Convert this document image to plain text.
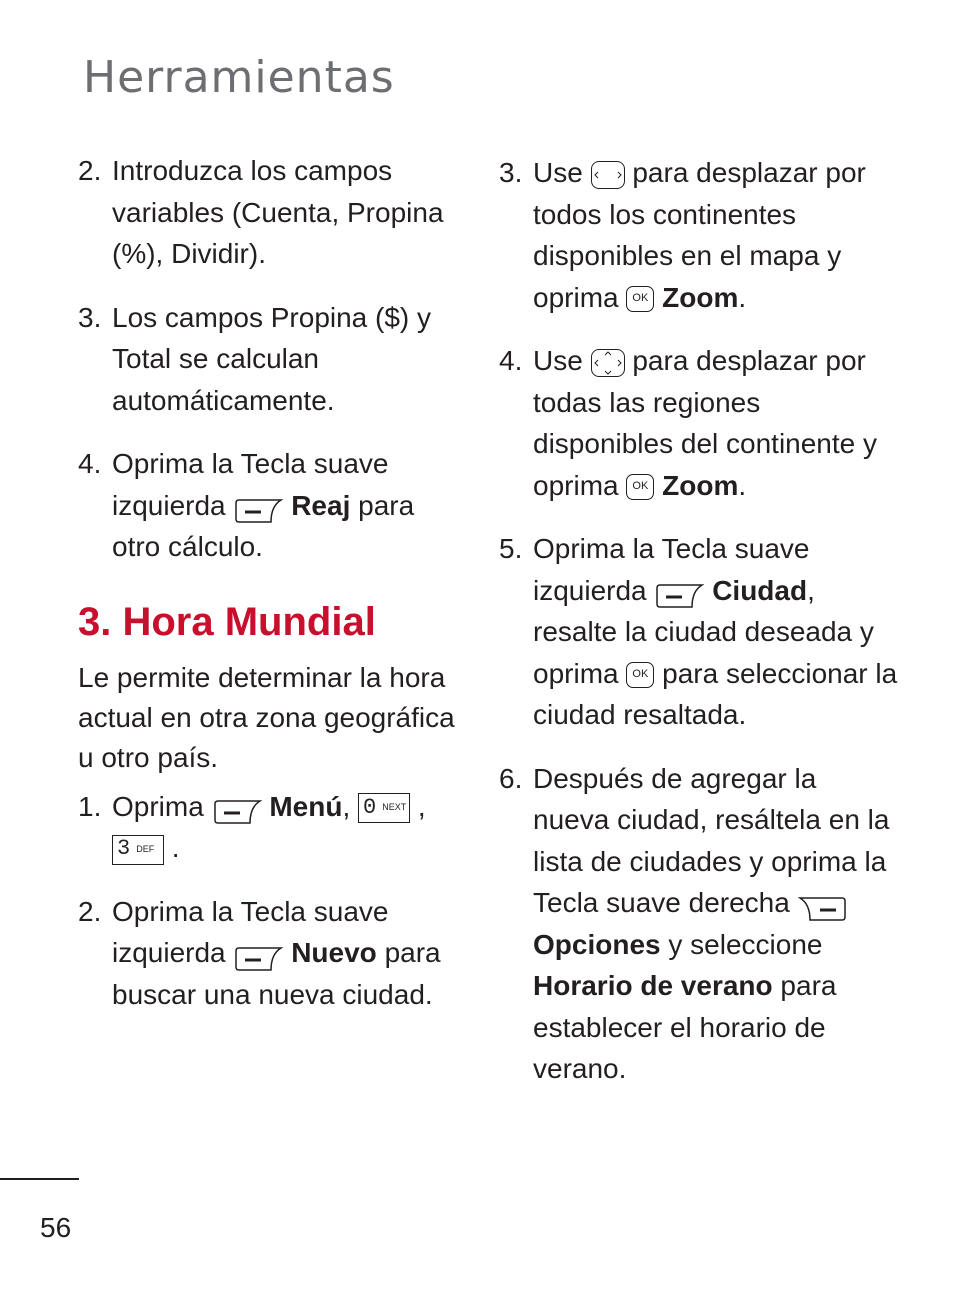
Herramientas
2. Introduzca los campos variables (Cuenta, Propina (%), Dividir).
3. Los campos Propina ($) y Total se calculan automáticamente.
4. Oprima la Tecla suave izquierda Reaj para otro cálculo.
3. Hora Mundial
Le permite determinar la hora actual en otra zona geográfica u otro país.
1. Oprima Menú, 0 NEXT ,
3 DEF .
2. Oprima la Tecla suave izquierda Nuevo para buscar una nueva ciudad.
3. Use para desplazar por todos los continentes disponibles en el mapa y oprima OK Zoom.
4. Use para desplazar por todas las regiones disponibles del continente y oprima OK Zoom.
5. Oprima la Tecla suave izquierda Ciudad, resalte la ciudad deseada y oprima OK para seleccionar la ciudad resaltada.
6. Después de agregar la nueva ciudad, resáltela en la lista de ciudades y oprima la Tecla suave derecha  Opciones y seleccione Horario de verano para establecer el horario de verano.
56
